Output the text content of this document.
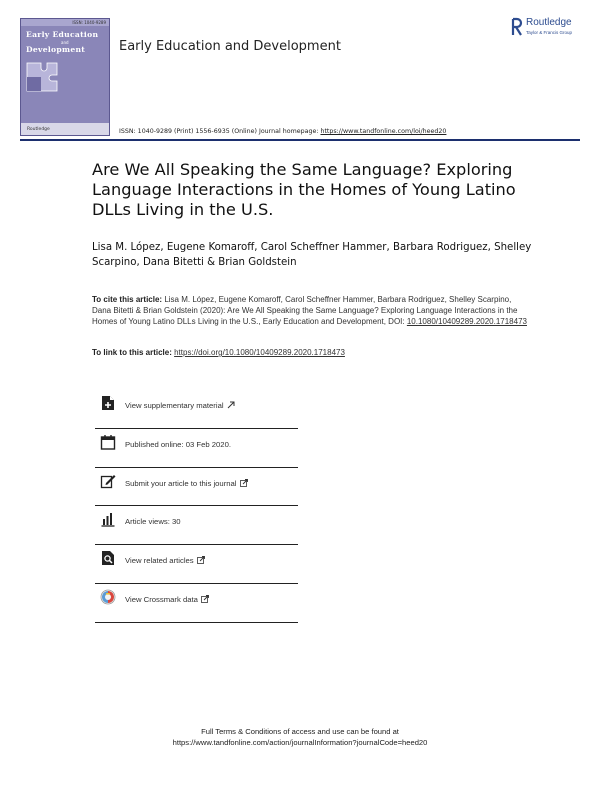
ISSN: 1040-9289
Early Education
and
Development
Routledge
Early Education and Development
Routledge
Taylor & Francis Group
ISSN: 1040-9289 (Print) 1556-6935 (Online) Journal homepage: https://www.tandfonline.com/loi/heed20
Are We All Speaking the Same Language? Exploring Language Interactions in the Homes of Young Latino DLLs Living in the U.S.
Lisa M. López, Eugene Komaroff, Carol Scheffner Hammer, Barbara Rodriguez, Shelley Scarpino, Dana Bitetti & Brian Goldstein
To cite this article: Lisa M. López, Eugene Komaroff, Carol Scheffner Hammer, Barbara Rodriguez, Shelley Scarpino, Dana Bitetti & Brian Goldstein (2020): Are We All Speaking the Same Language? Exploring Language Interactions in the Homes of Young Latino DLLs Living in the U.S., Early Education and Development, DOI: 10.1080/10409289.2020.1718473
To link to this article: https://doi.org/10.1080/10409289.2020.1718473
View supplementary material
Published online: 03 Feb 2020.
Submit your article to this journal
Article views: 30
View related articles
View Crossmark data
Full Terms & Conditions of access and use can be found at
https://www.tandfonline.com/action/journalInformation?journalCode=heed20
